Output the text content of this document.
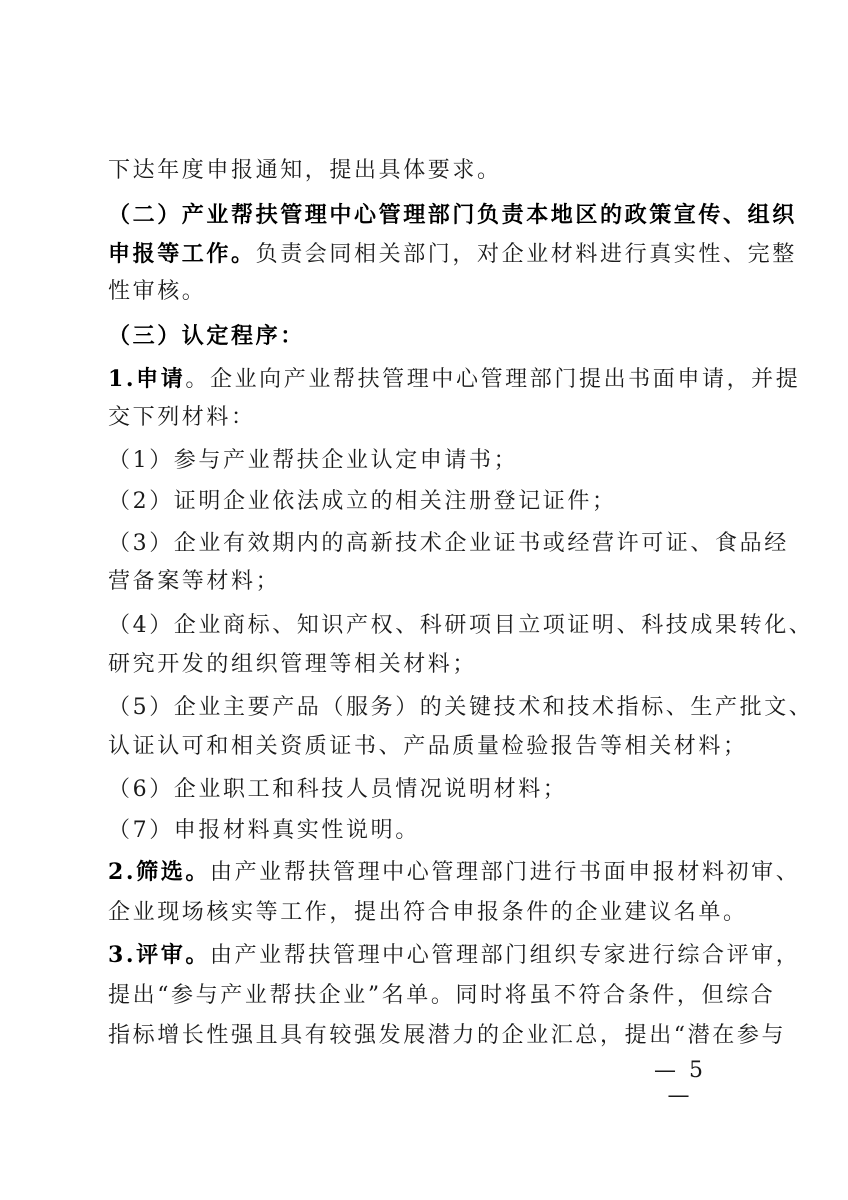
下达年度申报通知，提出具体要求。
（二）产业帮扶管理中心管理部门负责本地区的政策宣传、组织
申报等工作。负责会同相关部门，对企业材料进行真实性、完整
性审核。
（三）认定程序：
1.申请。企业向产业帮扶管理中心管理部门提出书面申请，并提
交下列材料：
（1）参与产业帮扶企业认定申请书；
（2）证明企业依法成立的相关注册登记证件；
（3）企业有效期内的高新技术企业证书或经营许可证、食品经
营备案等材料；
（4）企业商标、知识产权、科研项目立项证明、科技成果转化、
研究开发的组织管理等相关材料；
（5）企业主要产品（服务）的关键技术和技术指标、生产批文、
认证认可和相关资质证书、产品质量检验报告等相关材料；
（6）企业职工和科技人员情况说明材料；
（7）申报材料真实性说明。
2.筛选。由产业帮扶管理中心管理部门进行书面申报材料初审、
企业现场核实等工作，提出符合申报条件的企业建议名单。
3.评审。由产业帮扶管理中心管理部门组织专家进行综合评审，
提出“参与产业帮扶企业”名单。同时将虽不符合条件，但综合
指标增长性强且具有较强发展潜力的企业汇总，提出“潜在参与
— 5 —
